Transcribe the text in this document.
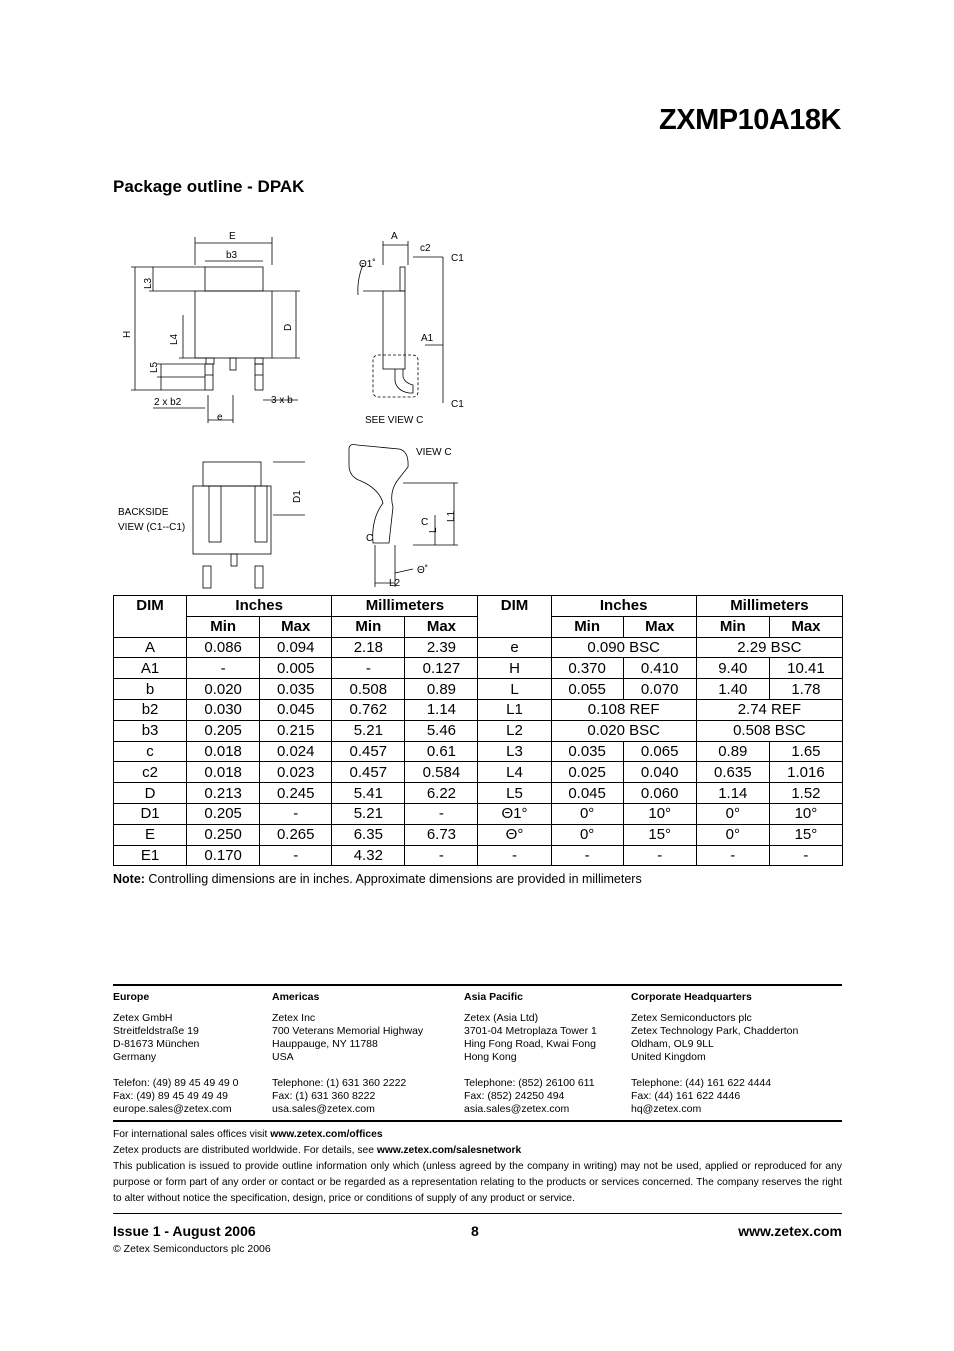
ZXMP10A18K
Package outline - DPAK
E
b3
L3
H	L4
D
L5
2 x b2	3 x b
e
A
c2
C1
Θ1˚
A1
C1
SEE VIEW C
D1
BACKSIDE
VIEW (C1--C1)
VIEW C
C
C
L1
L
L2
Θ˚
DIM	Inches		Millimeters		DIM	Inches		Millimeters	
	Min	Max	Min	Max		Min	Max	Min	Max
A	0.086	0.094	2.18	2.39	e	0.090 BSC		2.29 BSC	
A1	-	0.005	-	0.127	H	0.370	0.410	9.40	10.41
b	0.020	0.035	0.508	0.89	L	0.055	0.070	1.40	1.78
b2	0.030	0.045	0.762	1.14	L1	0.108 REF		2.74 REF	
b3	0.205	0.215	5.21	5.46	L2	0.020 BSC		0.508 BSC	
c	0.018	0.024	0.457	0.61	L3	0.035	0.065	0.89	1.65
c2	0.018	0.023	0.457	0.584	L4	0.025	0.040	0.635	1.016
D	0.213	0.245	5.41	6.22	L5	0.045	0.060	1.14	1.52
D1	0.205	-	5.21	-	Θ1°	0°	10°	0°	10°
E	0.250	0.265	6.35	6.73	Θ°	0°	15°	0°	15°
E1	0.170	-	4.32	-	-	-	-	-	-
Note: Controlling dimensions are in inches. Approximate dimensions are provided in millimeters
Europe
Zetex GmbH
Streitfeldstraße 19
D-81673 München
Germany
Telefon: (49) 89 45 49 49 0
Fax: (49) 89 45 49 49 49
europe.sales@zetex.com
Americas
Zetex Inc
700 Veterans Memorial Highway
Hauppauge, NY 11788
USA
Telephone: (1) 631 360 2222
Fax: (1) 631 360 8222
usa.sales@zetex.com
Asia Pacific
Zetex (Asia Ltd)
3701-04 Metroplaza Tower 1
Hing Fong Road, Kwai Fong
Hong Kong
Telephone: (852) 26100 611
Fax: (852) 24250 494
asia.sales@zetex.com
Corporate Headquarters
Zetex Semiconductors plc
Zetex Technology Park, Chadderton
Oldham, OL9 9LL
United Kingdom
Telephone: (44) 161 622 4444
Fax: (44) 161 622 4446
hq@zetex.com
For international sales offices visit www.zetex.com/offices
Zetex products are distributed worldwide. For details, see www.zetex.com/salesnetwork
This publication is issued to provide outline information only which (unless agreed by the company in writing) may not be used, applied or reproduced for any purpose or form part of any order or contact or be regarded as a representation relating to the products or services concerned. The company reserves the right to alter without notice the specification, design, price or conditions of supply of any product or service.
Issue 1 - August 2006	8	www.zetex.com
© Zetex Semiconductors plc 2006
